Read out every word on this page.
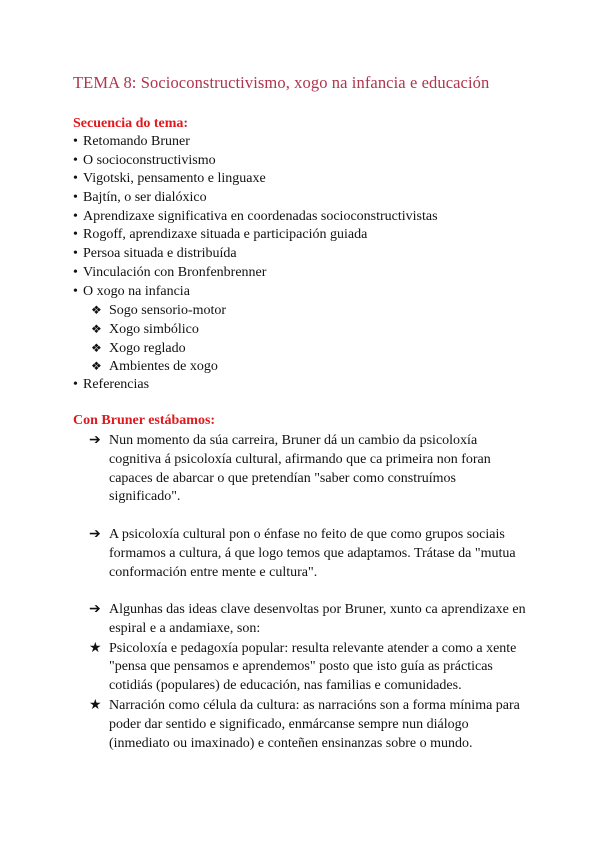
TEMA 8: Socioconstructivismo, xogo na infancia e educación
Secuencia do tema:
• Retomando Bruner
• O socioconstructivismo
• Vigotski, pensamento e linguaxe
• Bajtín, o ser dialóxico
• Aprendizaxe significativa en coordenadas socioconstructivistas
• Rogoff, aprendizaxe situada e participación guiada
• Persoa situada e distribuída
• Vinculación con Bronfenbrenner
• O xogo na infancia
❖ Sogo sensorio-motor
❖ Xogo simbólico
❖ Xogo reglado
❖ Ambientes de xogo
• Referencias
Con Bruner estábamos:
➔ Nun momento da súa carreira, Bruner dá un cambio da psicoloxía cognitiva á psicoloxía cultural, afirmando que ca primeira non foran capaces de abarcar o que pretendían "saber como construímos significado".
➔ A psicoloxía cultural pon o énfase no feito de que como grupos sociais formamos a cultura, á que logo temos que adaptamos. Trátase da "mutua conformación entre mente e cultura".
➔ Algunhas das ideas clave desenvoltas por Bruner, xunto ca aprendizaxe en espiral e a andamiaxe, son:
★ Psicoloxía e pedagoxía popular: resulta relevante atender a como a xente "pensa que pensamos e aprendemos" posto que isto guía as prácticas cotidiás (populares) de educación, nas familias e comunidades.
★ Narración como célula da cultura: as narracións son a forma mínima para poder dar sentido e significado, enmárcanse sempre nun diálogo (inmediato ou imaxinado) e conteñen ensinanzas sobre o mundo.
